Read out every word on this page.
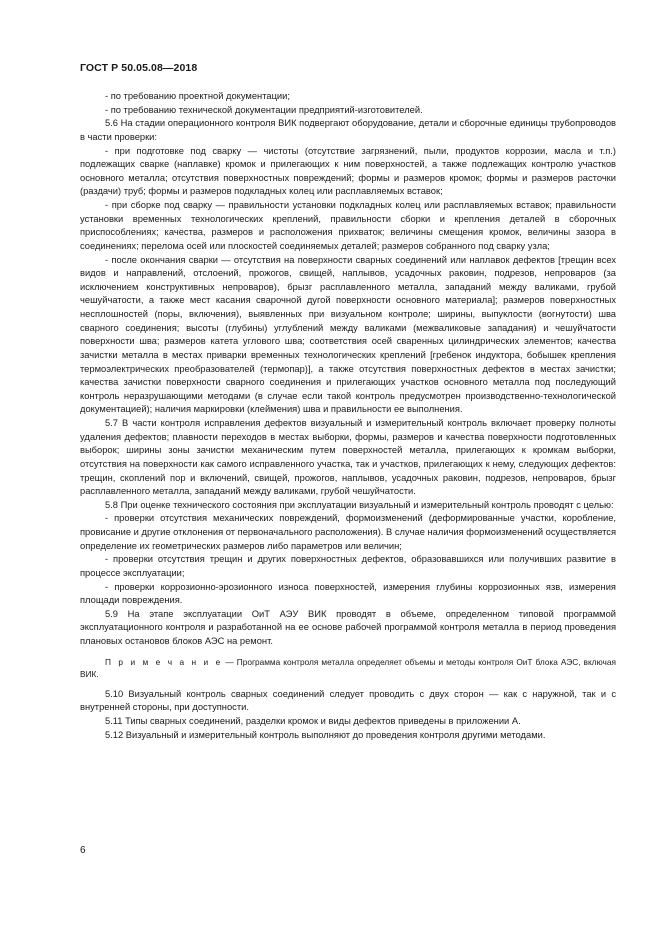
ГОСТ Р 50.05.08—2018

- по требованию проектной документации;

- по требованию технической документации предприятий-изготовителей.

5.6 На стадии операционного контроля ВИК подвергают оборудование, детали и сборочные единицы трубопроводов в части проверки:

- при подготовке под сварку — чистоты (отсутствие загрязнений, пыли, продуктов коррозии, масла и т.п.) подлежащих сварке (наплавке) кромок и прилегающих к ним поверхностей, а также подлежащих контролю участков основного металла; отсутствия поверхностных повреждений; формы и размеров кромок; формы и размеров расточки (раздачи) труб; формы и размеров подкладных колец или расплавляемых вставок;

- при сборке под сварку — правильности установки подкладных колец или расплавляемых вставок; правильности установки временных технологических креплений, правильности сборки и крепления деталей в сборочных приспособлениях; качества, размеров и расположения прихваток; величины смещения кромок, величины зазора в соединениях; перелома осей или плоскостей соединяемых деталей; размеров собранного под сварку узла;

- после окончания сварки — отсутствия на поверхности сварных соединений или наплавок дефектов [трещин всех видов и направлений, отслоений, прожогов, свищей, наплывов, усадочных раковин, подрезов, непроваров (за исключением конструктивных непроваров), брызг расплавленного металла, западаний между валиками, грубой чешуйчатости, а также мест касания сварочной дугой поверхности основного материала]; размеров поверхностных несплошностей (поры, включения), выявленных при визуальном контроле; ширины, выпуклости (вогнутости) шва сварного соединения; высоты (глубины) углублений между валиками (межваликовые западания) и чешуйчатости поверхности шва; размеров катета углового шва; соответствия осей сваренных цилиндрических элементов; качества зачистки металла в местах приварки временных технологических креплений [гребенок индуктора, бобышек крепления термоэлектрических преобразователей (термопар)], а также отсутствия поверхностных дефектов в местах зачистки; качества зачистки поверхности сварного соединения и прилегающих участков основного металла под последующий контроль неразрушающими методами (в случае если такой контроль предусмотрен производственно-технологической документацией); наличия маркировки (клеймения) шва и правильности ее выполнения.

5.7 В части контроля исправления дефектов визуальный и измерительный контроль включает проверку полноты удаления дефектов; плавности переходов в местах выборки, формы, размеров и качества поверхности подготовленных выборок; ширины зоны зачистки механическим путем поверхностей металла, прилегающих к кромкам выборки, отсутствия на поверхности как самого исправленного участка, так и участков, прилегающих к нему, следующих дефектов: трещин, скоплений пор и включений, свищей, прожогов, наплывов, усадочных раковин, подрезов, непроваров, брызг расплавленного металла, западаний между валиками, грубой чешуйчатости.

5.8 При оценке технического состояния при эксплуатации визуальный и измерительный контроль проводят с целью:

- проверки отсутствия механических повреждений, формоизменений (деформированные участки, коробление, провисание и другие отклонения от первоначального расположения). В случае наличия формоизменений осуществляется определение их геометрических размеров либо параметров или величин;

- проверки отсутствия трещин и других поверхностных дефектов, образовавшихся или получивших развитие в процессе эксплуатации;

- проверки коррозионно-эрозионного износа поверхностей, измерения глубины коррозионных язв, измерения площади повреждения.

5.9 На этапе эксплуатации ОиТ АЭУ ВИК проводят в объеме, определенном типовой программой эксплуатационного контроля и разработанной на ее основе рабочей программой контроля металла в период проведения плановых остановов блоков АЭС на ремонт.

П р и м е ч а н и е — Программа контроля металла определяет объемы и методы контроля ОиТ блока АЭС, включая ВИК.

5.10 Визуальный контроль сварных соединений следует проводить с двух сторон — как с наружной, так и с внутренней стороны, при доступности.

5.11 Типы сварных соединений, разделки кромок и виды дефектов приведены в приложении А.

5.12 Визуальный и измерительный контроль выполняют до проведения контроля другими методами.

6
